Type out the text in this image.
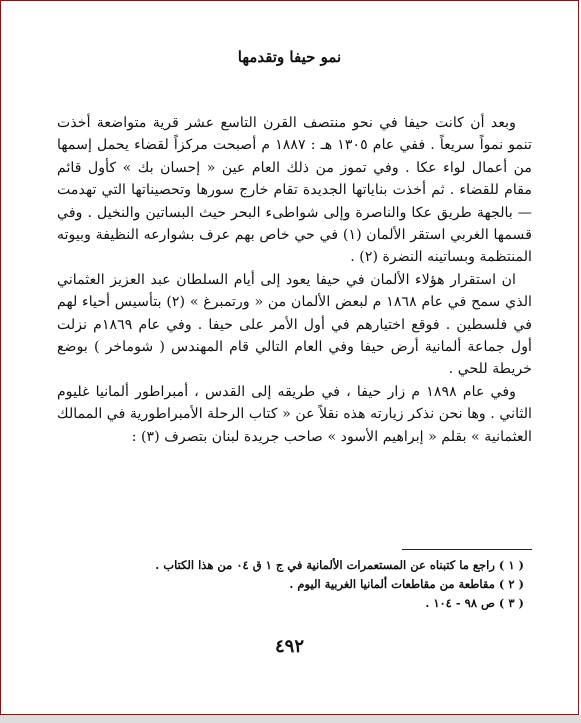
نمو حيفا وتقدمها

وبعد أن كانت حيفا في نحو منتصف القرن التاسع عشر قرية متواضعة أخذت تنمو نمواً سريعاً . ففي عام ١٣٠٥ هـ : ١٨٨٧ م أصبحت مركزاً لقضاء يحمل إسمها من أعمال لواء عكا . وفي تموز من ذلك العام عين « إحسان بك » كأول قائم مقام للقضاء . ثم أخذت بناياتها الجديدة تقام خارج سورها وتحصيناتها التي تهدمت — بالجهة طريق عكا والناصرة وإلى شواطىء البحر حيث البساتين والنخيل . وفي قسمها الغربي استقر الألمان (١) في حي خاص بهم عرف بشوارعه النظيفة وبيوته المنتظمة وبساتينه النضرة (٢) .

ان استقرار هؤلاء الألمان في حيفا يعود إلى أيام السلطان عبد العزيز العثماني الذي سمح في عام ١٨٦٨ م لبعض الألمان من « ورتمبرغ » (٢) بتأسيس أحياء لهم في فلسطين . فوقع اختيارهم في أول الأمر على حيفا . وفي عام ١٨٦٩م نزلت أول جماعة ألمانية أرض حيفا وفي العام التالي قام المهندس ( شوماخر ) بوضع خريطة للحي .

وفي عام ١٨٩٨ م زار حيفا ، في طريقه إلى القدس ، أمبراطور ألمانيا غليوم الثاني . وها نحن نذكر زيارته هذه نقلاً عن « كتاب الرحلة الأمبراطورية في الممالك العثمانية » بقلم « إبراهيم الأسود » صاحب جريدة لبنان بتصرف (٣) :

( ١ ) راجع ما كتبناه عن المستعمرات الألمانية في ج ١ ق ٠٤ من هذا الكتاب .
( ٢ ) مقاطعة من مقاطعات ألمانيا الغربية اليوم .
( ٣ ) ص ٩٨ - ١٠٤ .
٤٩٢
